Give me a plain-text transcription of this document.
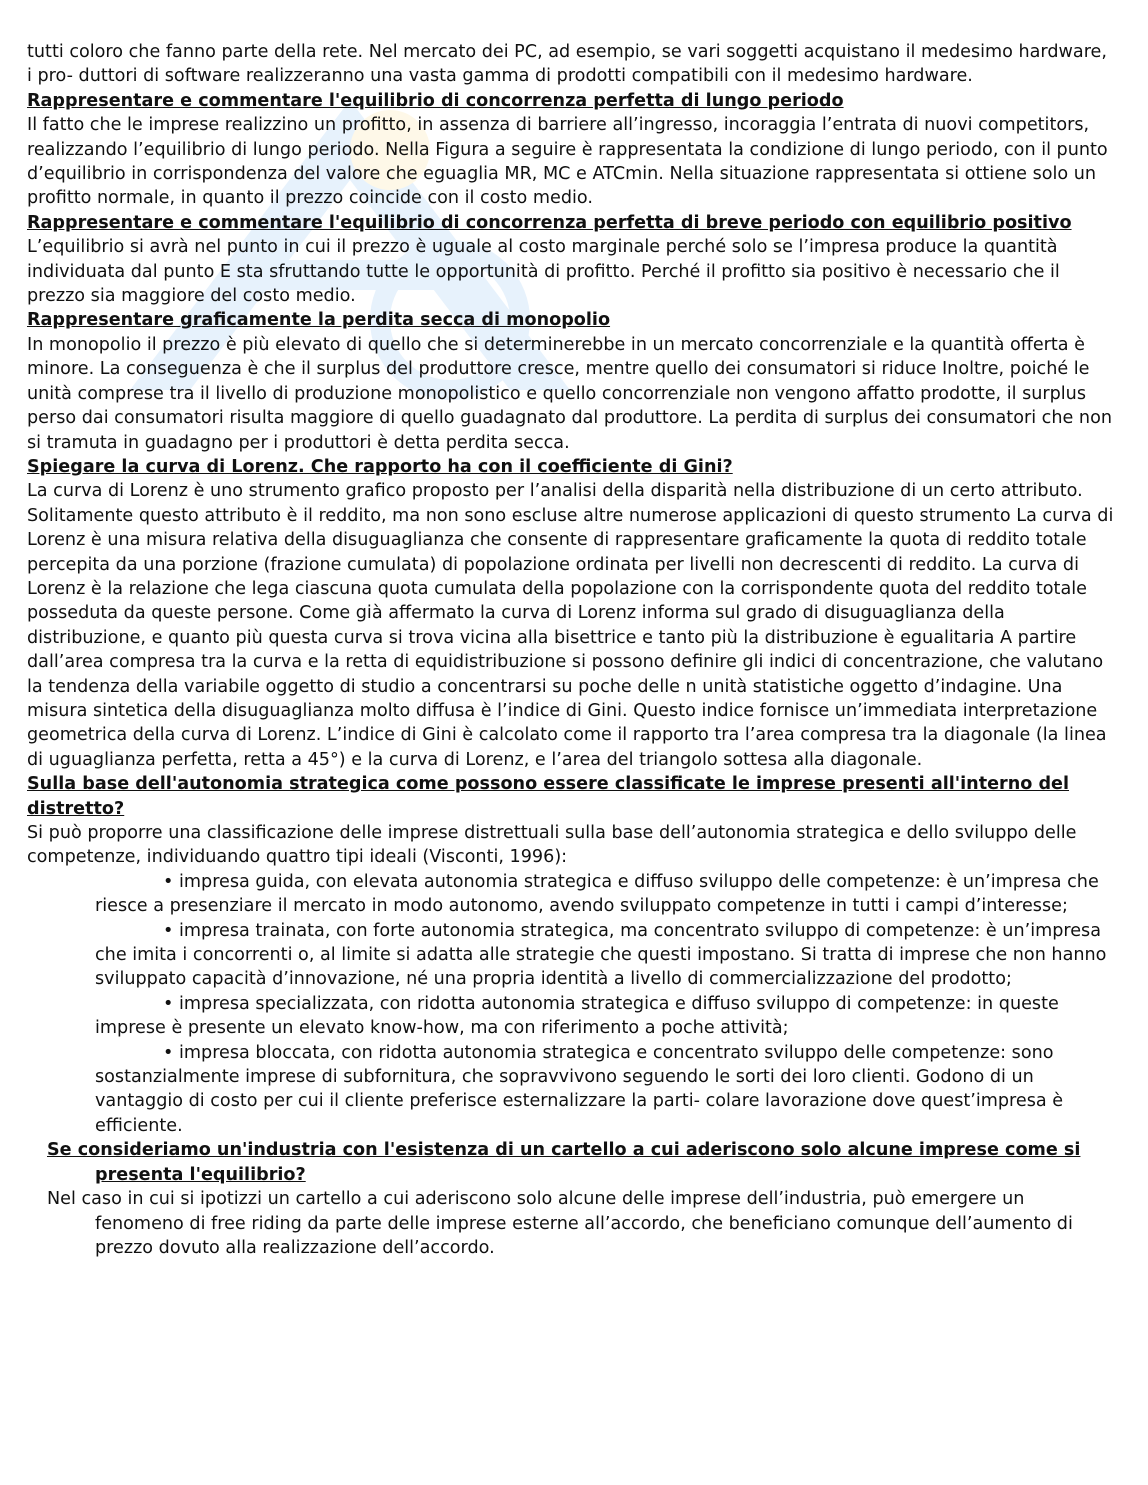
tutti coloro che fanno parte della rete. Nel mercato dei PC, ad esempio, se vari soggetti acquistano il medesimo hardware, i pro- duttori di software realizzeranno una vasta gamma di prodotti compatibili con il medesimo hardware.

Rappresentare e commentare l'equilibrio di concorrenza perfetta di lungo periodo

Il fatto che le imprese realizzino un profitto, in assenza di barriere all’ingresso, incoraggia l’entrata di nuovi competitors, realizzando l’equilibrio di lungo periodo. Nella Figura a seguire è rappresentata la condizione di lungo periodo, con il punto d’equilibrio in corrispondenza del valore che eguaglia MR, MC e ATCmin. Nella situazione rappresentata si ottiene solo un profitto normale, in quanto il prezzo coincide con il costo medio.

Rappresentare e commentare l'equilibrio di concorrenza perfetta di breve periodo con equilibrio positivo

L’equilibrio si avrà nel punto in cui il prezzo è uguale al costo marginale perché solo se l’impresa produce la quantità individuata dal punto E sta sfruttando tutte le opportunità di profitto. Perché il profitto sia positivo è necessario che il prezzo sia maggiore del costo medio.

Rappresentare graficamente la perdita secca di monopolio

In monopolio il prezzo è più elevato di quello che si determinerebbe in un mercato concorrenziale e la quantità offerta è minore. La conseguenza è che il surplus del produttore cresce, mentre quello dei consumatori si riduce Inoltre, poiché le unità comprese tra il livello di produzione monopolistico e quello concorrenziale non vengono affatto prodotte, il surplus perso dai consumatori risulta maggiore di quello guadagnato dal produttore. La perdita di surplus dei consumatori che non si tramuta in guadagno per i produttori è detta perdita secca.

Spiegare la curva di Lorenz. Che rapporto ha con il coefficiente di Gini?

La curva di Lorenz è uno strumento grafico proposto per l’analisi della disparità nella distribuzione di un certo attributo. Solitamente questo attributo è il reddito, ma non sono escluse altre numerose applicazioni di questo strumento La curva di Lorenz è una misura relativa della disuguaglianza che consente di rappresentare graficamente la quota di reddito totale percepita da una porzione (frazione cumulata) di popolazione ordinata per livelli non decrescenti di reddito. La curva di Lorenz è la relazione che lega ciascuna quota cumulata della popolazione con la corrispondente quota del reddito totale posseduta da queste persone. Come già affermato la curva di Lorenz informa sul grado di disuguaglianza della distribuzione, e quanto più questa curva si trova vicina alla bisettrice e tanto più la distribuzione è egualitaria A partire dall’area compresa tra la curva e la retta di equidistribuzione si possono definire gli indici di concentrazione, che valutano la tendenza della variabile oggetto di studio a concentrarsi su poche delle n unità statistiche oggetto d’indagine. Una misura sintetica della disuguaglianza molto diffusa è l’indice di Gini. Questo indice fornisce un’immediata interpretazione geometrica della curva di Lorenz. L’indice di Gini è calcolato come il rapporto tra l’area compresa tra la diagonale (la linea di uguaglianza perfetta, retta a 45°) e la curva di Lorenz, e l’area del triangolo sottesa alla diagonale.

Sulla base dell'autonomia strategica come possono essere classificate le imprese presenti all'interno del distretto?

Si può proporre una classificazione delle imprese distrettuali sulla base dell’autonomia strategica e dello sviluppo delle competenze, individuando quattro tipi ideali (Visconti, 1996):

• impresa guida, con elevata autonomia strategica e diffuso sviluppo delle competenze: è un’impresa che riesce a presenziare il mercato in modo autonomo, avendo sviluppato competenze in tutti i campi d’interesse;

• impresa trainata, con forte autonomia strategica, ma concentrato sviluppo di competenze: è un’impresa che imita i concorrenti o, al limite si adatta alle strategie che questi impostano. Si tratta di imprese che non hanno sviluppato capacità d’innovazione, né una propria identità a livello di commercializzazione del prodotto;

• impresa specializzata, con ridotta autonomia strategica e diffuso sviluppo di competenze: in queste imprese è presente un elevato know-how, ma con riferimento a poche attività;

• impresa bloccata, con ridotta autonomia strategica e concentrato sviluppo delle competenze: sono sostanzialmente imprese di subfornitura, che sopravvivono seguendo le sorti dei loro clienti. Godono di un vantaggio di costo per cui il cliente preferisce esternalizzare la parti- colare lavorazione dove quest’impresa è efficiente.

Se consideriamo un'industria con l'esistenza di un cartello a cui aderiscono solo alcune imprese come si presenta l'equilibrio?

Nel caso in cui si ipotizzi un cartello a cui aderiscono solo alcune delle imprese dell’industria, può emergere un fenomeno di free riding da parte delle imprese esterne all’accordo, che beneficiano comunque dell’aumento di prezzo dovuto alla realizzazione dell’accordo.
